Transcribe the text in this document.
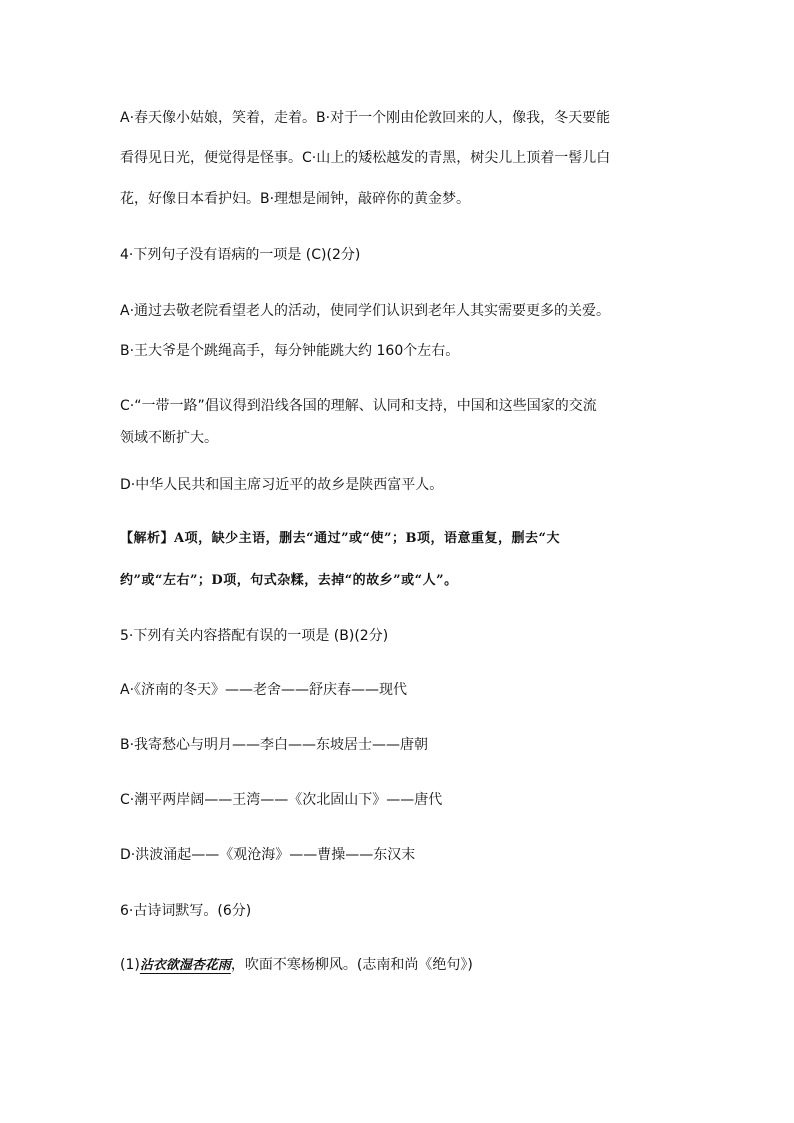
A·春天像小姑娘，笑着，走着。B·对于一个刚由伦敦回来的人，像我，冬天要能
看得见日光，便觉得是怪事。C·山上的矮松越发的青黑，树尖儿上顶着一髻儿白
花，好像日本看护妇。B·理想是闹钟，敲碎你的黄金梦。
4·下列句子没有语病的一项是 (C)(2分)
A·通过去敬老院看望老人的活动，使同学们认识到老年人其实需要更多的关爱。
B·王大爷是个跳绳高手，每分钟能跳大约 160个左右。
C·“一带一路”倡议得到沿线各国的理解、认同和支持，中国和这些国家的交流
领域不断扩大。
D·中华人民共和国主席习近平的故乡是陕西富平人。
【解析】A项，缺少主语，删去“通过”或“使”；B项，语意重复，删去“大
约”或“左右”；D项，句式杂糅，去掉“的故乡”或“人”。
5·下列有关内容搭配有误的一项是 (B)(2分)
A·《济南的冬天》——老舍——舒庆春——现代
B·我寄愁心与明月——李白——东坡居士——唐朝
C·潮平两岸阔——王湾——《次北固山下》——唐代
D·洪波涌起——《观沧海》——曹操——东汉末
6·古诗词默写。(6分)
(1)沾衣欲湿杏花雨，吹面不寒杨柳风。(志南和尚《绝句》)
